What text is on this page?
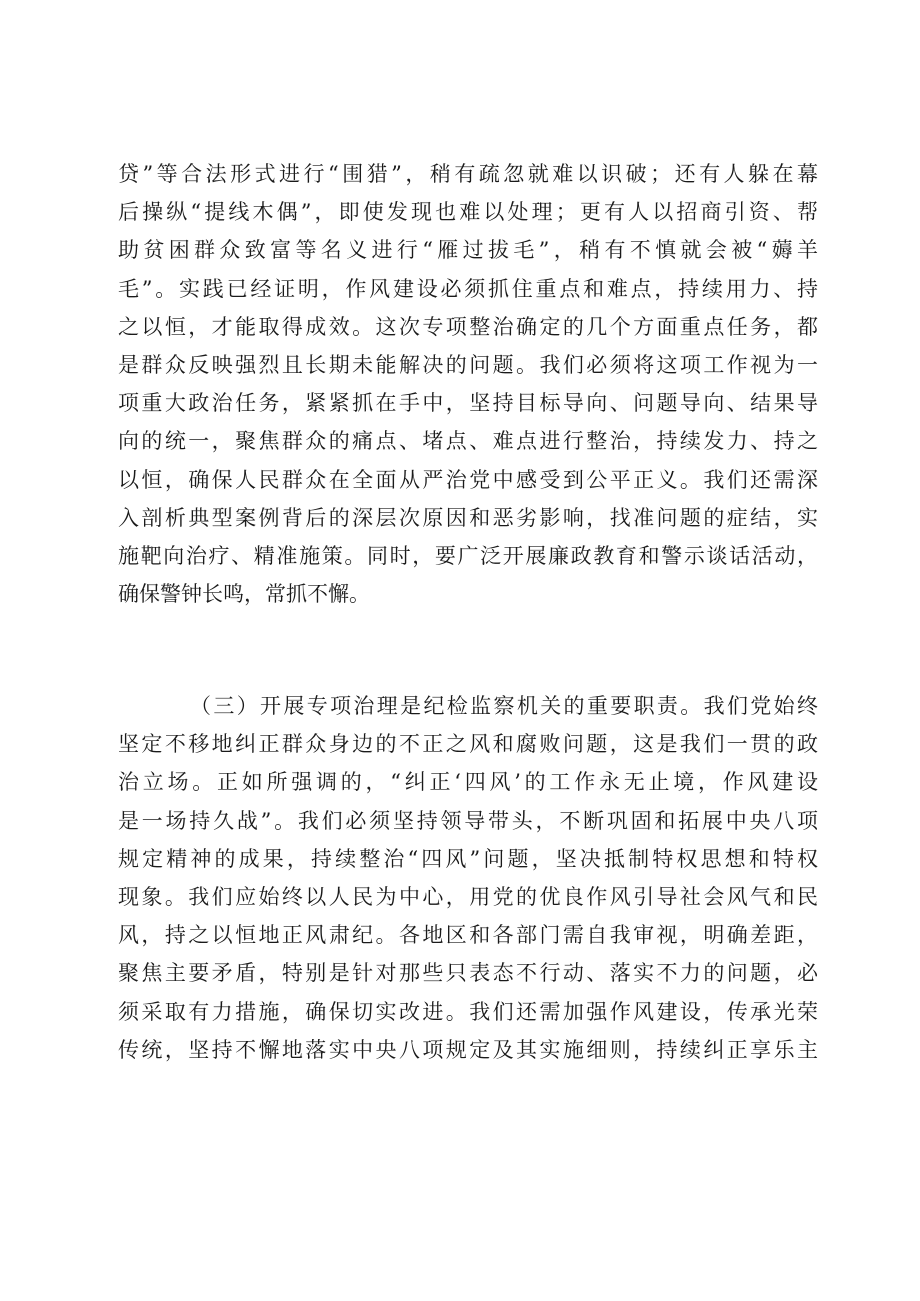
贷”等合法形式进行“围猎”，稍有疏忽就难以识破；还有人躲在幕
后操纵“提线木偶”，即使发现也难以处理；更有人以招商引资、帮
助贫困群众致富等名义进行“雁过拔毛”，稍有不慎就会被“薅羊
毛”。实践已经证明，作风建设必须抓住重点和难点，持续用力、持
之以恒，才能取得成效。这次专项整治确定的几个方面重点任务，都
是群众反映强烈且长期未能解决的问题。我们必须将这项工作视为一
项重大政治任务，紧紧抓在手中，坚持目标导向、问题导向、结果导
向的统一，聚焦群众的痛点、堵点、难点进行整治，持续发力、持之
以恒，确保人民群众在全面从严治党中感受到公平正义。我们还需深
入剖析典型案例背后的深层次原因和恶劣影响，找准问题的症结，实
施靶向治疗、精准施策。同时，要广泛开展廉政教育和警示谈话活动，
确保警钟长鸣，常抓不懈。
（三）开展专项治理是纪检监察机关的重要职责。我们党始终
坚定不移地纠正群众身边的不正之风和腐败问题，这是我们一贯的政
治立场。正如所强调的，“纠正‘四风’的工作永无止境，作风建设
是一场持久战”。我们必须坚持领导带头，不断巩固和拓展中央八项
规定精神的成果，持续整治“四风”问题，坚决抵制特权思想和特权
现象。我们应始终以人民为中心，用党的优良作风引导社会风气和民
风，持之以恒地正风肃纪。各地区和各部门需自我审视，明确差距，
聚焦主要矛盾，特别是针对那些只表态不行动、落实不力的问题，必
须采取有力措施，确保切实改进。我们还需加强作风建设，传承光荣
传统，坚持不懈地落实中央八项规定及其实施细则，持续纠正享乐主
